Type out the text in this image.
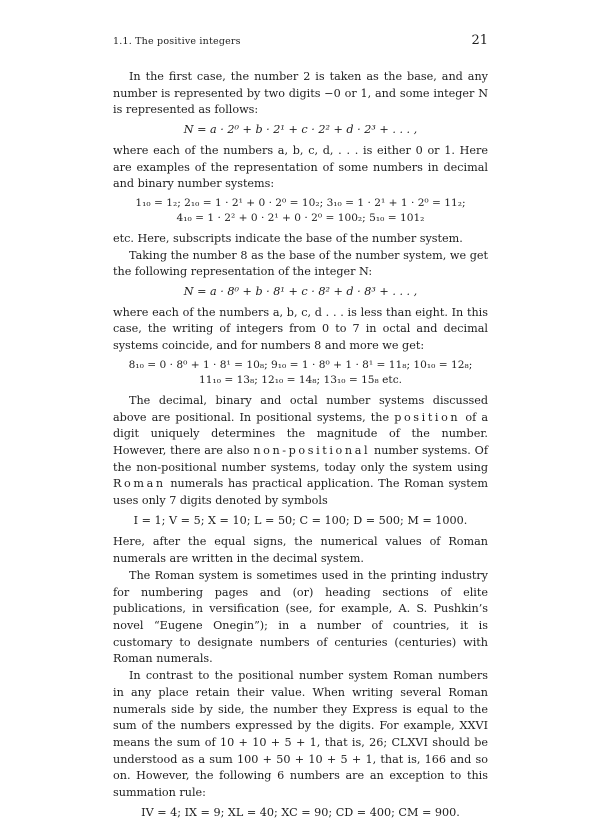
1.1. The positive integers	21

In the first case, the number 2 is taken as the base, and any number is represented by two digits −0 or 1, and some integer N is represented as follows:

N = a · 2⁰ + b · 2¹ + c · 2² + d · 2³ + . . . ,

where each of the numbers a, b, c, d, . . . is either 0 or 1. Here are examples of the representation of some numbers in decimal and binary number systems:

1₁₀ = 1₂; 2₁₀ = 1 · 2¹ + 0 · 2⁰ = 10₂; 3₁₀ = 1 · 2¹ + 1 · 2⁰ = 11₂;
4₁₀ = 1 · 2² + 0 · 2¹ + 0 · 2⁰ = 100₂; 5₁₀ = 101₂

etc. Here, subscripts indicate the base of the number system.

Taking the number 8 as the base of the number system, we get the following representation of the integer N:

N = a · 8⁰ + b · 8¹ + c · 8² + d · 8³ + . . . ,

where each of the numbers a, b, c, d . . . is less than eight. In this case, the writing of integers from 0 to 7 in octal and decimal systems coincide, and for numbers 8 and more we get:

8₁₀ = 0 · 8⁰ + 1 · 8¹ = 10₈; 9₁₀ = 1 · 8⁰ + 1 · 8¹ = 11₈; 10₁₀ = 12₈;
11₁₀ = 13₈; 12₁₀ = 14₈; 13₁₀ = 15₈ etc.

The decimal, binary and octal number systems discussed above are positional. In positional systems, the position of a digit uniquely determines the magnitude of the number. However, there are also non-positional number systems. Of the non-positional number systems, today only the system using Roman numerals has practical application. The Roman system uses only 7 digits denoted by symbols

I = 1; V = 5; X = 10; L = 50; C = 100; D = 500; M = 1000.

Here, after the equal signs, the numerical values of Roman numerals are written in the decimal system.

The Roman system is sometimes used in the printing industry for numbering pages and (or) heading sections of elite publications, in versification (see, for example, A. S. Pushkin’s novel “Eugene Onegin”); in a number of countries, it is customary to designate numbers of centuries (centuries) with Roman numerals.

In contrast to the positional number system Roman numbers in any place retain their value. When writing several Roman numerals side by side, the number they Express is equal to the sum of the numbers expressed by the digits. For example, XXVI means the sum of 10 + 10 + 5 + 1, that is, 26; CLXVI should be understood as a sum 100 + 50 + 10 + 5 + 1, that is, 166 and so on. However, the following 6 numbers are an exception to this summation rule:

IV = 4; IX = 9; XL = 40; XC = 90; CD = 400; CM = 900.
